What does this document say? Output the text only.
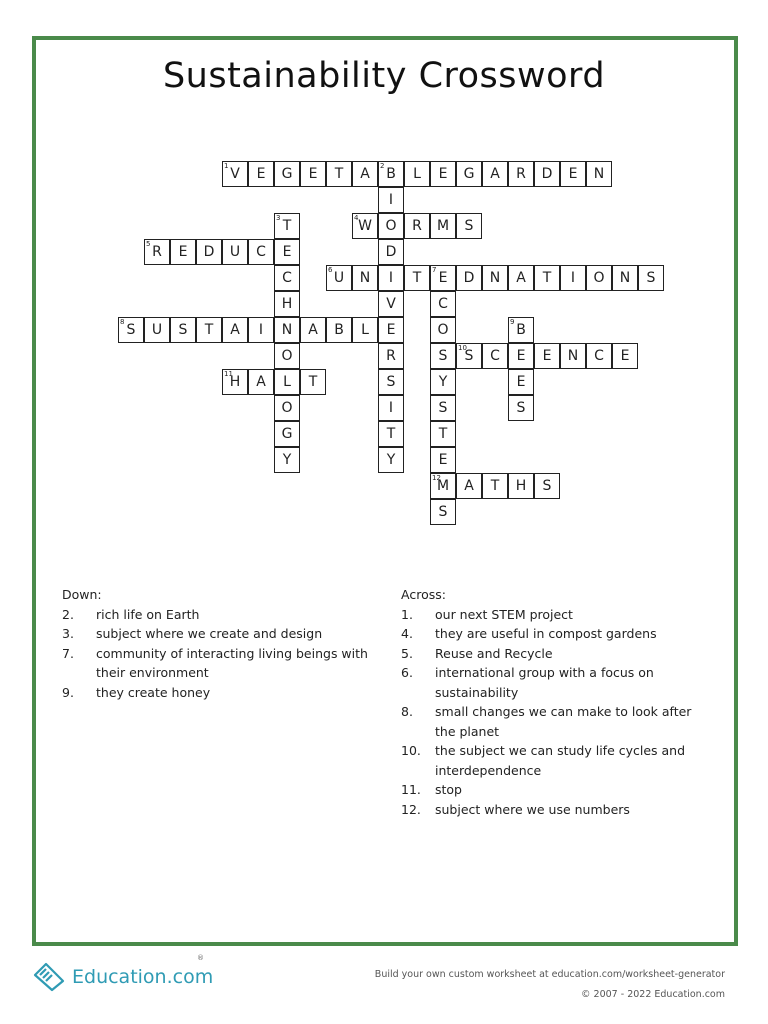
Sustainability Crossword
V
1 E G E T A B
2 L E G A R D E N
I
O
D
I
V
E
R
S
I
T
Y
T
3
E
C
H
N
O
L
O
G
Y
W
4	R M S
R
5 E D U C
U
6 N	T E
7 D N A T I O N S
C
O
S
Y
S
T
E
M
12
S
S
8 U S T A I	A B L	B
9
E
E
S
S
10 C	E N C E
H
11 A	T
A T H S
Down:
2.	rich life on Earth
3.	subject where we create and design
7.	community of interacting living beings with their environment
9.	they create honey
Across:
1.	our next STEM project
4.	they are useful in compost gardens
5.	Reuse and Recycle
6.	international group with a focus on sustainability
8.	small changes we can make to look after the planet
10.	the subject we can study life cycles and interdependence
11.	stop
12.	subject where we use numbers
Education.com
®
Build your own custom worksheet at education.com/worksheet-generator
© 2007 - 2022 Education.com
